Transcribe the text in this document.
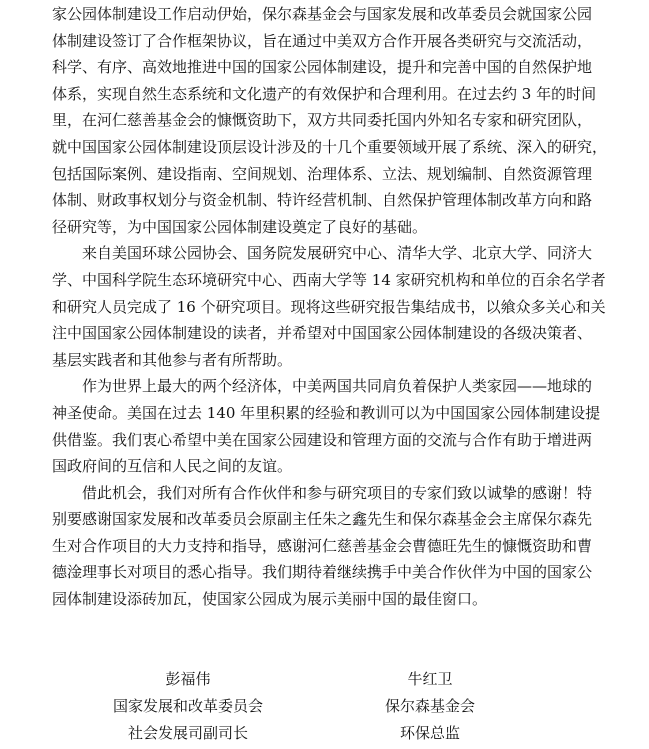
家公园体制建设工作启动伊始，保尔森基金会与国家发展和改革委员会就国家公园
体制建设签订了合作框架协议，旨在通过中美双方合作开展各类研究与交流活动，
科学、有序、高效地推进中国的国家公园体制建设，提升和完善中国的自然保护地
体系，实现自然生态系统和文化遗产的有效保护和合理利用。在过去约 3 年的时间
里，在河仁慈善基金会的慷慨资助下，双方共同委托国内外知名专家和研究团队，
就中国国家公园体制建设顶层设计涉及的十几个重要领域开展了系统、深入的研究，
包括国际案例、建设指南、空间规划、治理体系、立法、规划编制、自然资源管理
体制、财政事权划分与资金机制、特许经营机制、自然保护管理体制改革方向和路
径研究等，为中国国家公园体制建设奠定了良好的基础。
来自美国环球公园协会、国务院发展研究中心、清华大学、北京大学、同济大
学、中国科学院生态环境研究中心、西南大学等 14 家研究机构和单位的百余名学者
和研究人员完成了 16 个研究项目。现将这些研究报告集结成书，以飨众多关心和关
注中国国家公园体制建设的读者，并希望对中国国家公园体制建设的各级决策者、
基层实践者和其他参与者有所帮助。
作为世界上最大的两个经济体，中美两国共同肩负着保护人类家园——地球的
神圣使命。美国在过去 140 年里积累的经验和教训可以为中国国家公园体制建设提
供借鉴。我们衷心希望中美在国家公园建设和管理方面的交流与合作有助于增进两
国政府间的互信和人民之间的友谊。
借此机会，我们对所有合作伙伴和参与研究项目的专家们致以诚挚的感谢！特
别要感谢国家发展和改革委员会原副主任朱之鑫先生和保尔森基金会主席保尔森先
生对合作项目的大力支持和指导，感谢河仁慈善基金会曹德旺先生的慷慨资助和曹
德淦理事长对项目的悉心指导。我们期待着继续携手中美合作伙伴为中国的国家公
园体制建设添砖加瓦，使国家公园成为展示美丽中国的最佳窗口。
彭福伟
国家发展和改革委员会
社会发展司副司长
牛红卫
保尔森基金会
环保总监
